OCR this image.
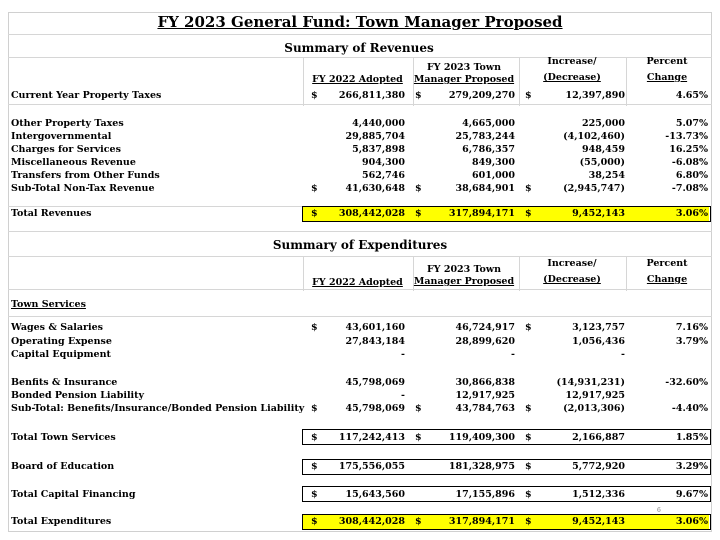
FY 2023 General Fund: Town Manager Proposed
Summary of Revenues
FY 2022 Adopted
FY 2023 Town
Manager Proposed
Increase/
(Decrease)
Percent
Change
Current Year Property Taxes	$ 266,811,380 $	279,209,270 $	12,397,890	4.65%
Other Property Taxes	4,440,000	4,665,000	225,000	5.07%
Intergovernmental	29,885,704	25,783,244	(4,102,460)	-13.73%
Charges for Services	5,837,898	6,786,357	948,459	16.25%
Miscellaneous Revenue	904,300	849,300	(55,000)	-6.08%
Transfers from Other Funds	562,746	601,000	38,254	6.80%
Sub-Total Non-Tax Revenue	$	41,630,648 $	38,684,901 $	(2,945,747)	-7.08%
Total Revenues	$ 308,442,028 $	317,894,171 $	9,452,143	3.06%
Summary of Expenditures
FY 2022 Adopted
FY 2023 Town
Manager Proposed
Increase/
(Decrease)
Percent
Change
Town Services
Wages & Salaries	$	43,601,160	46,724,917 $	3,123,757	7.16%
Operating Expense	27,843,184	28,899,620	1,056,436	3.79%
Capital Equipment	-	-	-
Benfits & Insurance	45,798,069	30,866,838	(14,931,231)	-32.60%
Bonded Pension Liability	-	12,917,925	12,917,925
Sub-Total: Benefits/Insurance/Bonded Pension Liability $	45,798,069 $	43,784,763 $	(2,013,306)	-4.40%
Total Town Services	$ 117,242,413 $	119,409,300 $	2,166,887	1.85%
Board of Education	$ 175,556,055	181,328,975 $	5,772,920	3.29%
Total Capital Financing	$	15,643,560	17,155,896 $	1,512,336	9.67%
Total Expenditures	$ 308,442,028 $	317,894,171 $	9,452,143	3.06%
6
